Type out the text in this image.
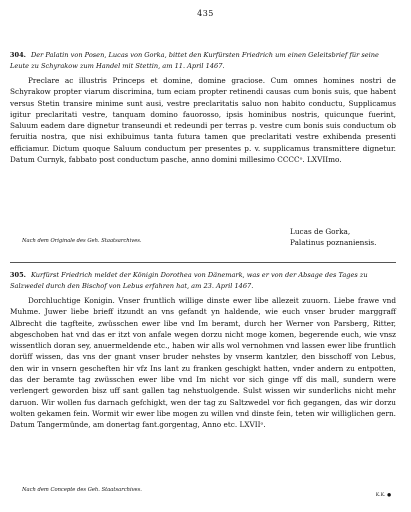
435
304. Der Palatin von Posen, Lucas von Gorka, bittet den Kurfürsten Friedrich um einen Geleitsbrief für seine Leute zu Schyrakow zum Handel mit Stettin, am 11. April 1467.
Preclare ac illustris Princeps et domine, domine graciose. Cum omnes homines nostri de Schyrakow propter viarum discrimina, tum eciam propter retinendi causas cum bonis suis, que habent versus Stetin transire minime sunt ausi, vestre preclaritatis saluo non habito conductu, Supplicamus igitur preclaritati vestre, tanquam domino fauorosso, ipsis hominibus nostris, quicunque fuerint, Saluum eadem dare dignetur transeundi et redeundi per terras p. vestre cum bonis suis conductum ob feruitia nostra, que nisi exhibuimus tanta futura tamen que preclaritati vestre exhibenda presenti efficiamur. Dictum quoque Saluum conductum per presentes p. v. supplicamus transmittere dignetur. Datum Curnyk, fabbato post conductum pasche, anno domini millesimo CCCCᵒ. LXVIImo.
Lucas de Gorka,
Palatinus poznaniensis.
Nach dem Originale des Geh. Staatsarchives.
305. Kurfürst Friedrich meldet der Königin Dorothea von Dänemark, was er von der Absage des Tages zu Salzwedel durch den Bischof von Lebus erfahren hat, am 23. April 1467.
Dorchluchtige Konigin. Vnser fruntlich willige dinste ewer libe allezeit zuuorn. Liebe frawe vnd Muhme. Juwer liebe brieff itzundt an vns gefandt yn haldende, wie euch vnser bruder marggraff Albrecht die tagfteite, zwüsschen ewer libe vnd Im beramt, durch her Werner von Parsberg, Ritter, abgeschoben hat vnd das er itzt von anfale wegen dorzu nicht moge komen, begerende euch, wie vnsz wissentlich doran sey, anuermeldende etc., haben wir alls wol vernohmen vnd lassen ewer libe fruntlich dorüff wissen, das vns der gnant vnser bruder nehstes by vnserm kantzler, den bisschoff von Lebus, den wir in vnsern gescheften hir vfz Ins lant zu franken geschigkt hatten, vnder andern zu entpotten, das der beramte tag zwüsschen ewer libe vnd Im nicht vor sich ginge vff dis mall, sundern were verlengert geworden bisz uff sant gallen tag nehstuolgende. Sulst wissen wir sunderlichs nicht mehr daruon. Wir wollen fus darnach gefchigkt, wen der tag zu Saltzwedel vor fich gegangen, das wir dorzu wolten gekamen fein. Wormit wir ewer libe mogen zu willen vnd dinste fein, teten wir williglichen gern. Datum Tangermünde, am donertag fant.gorgentag, Anno etc. LXVIIᵒ.
Nach dem Concepte des Geh. Staatsarchives.
K.K. ●
